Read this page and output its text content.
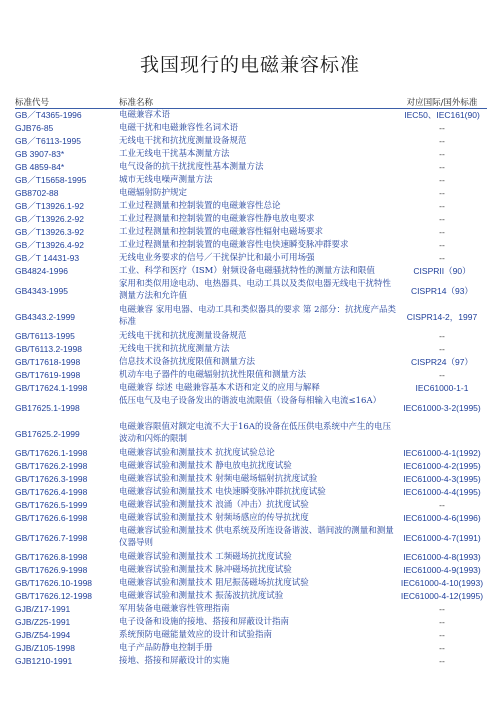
我国现行的电磁兼容标准
标准代号	标准名称	对应国际/国外标准
GB／T4365-1996	电磁兼容术语	IEC50、IEC161(90)
GJB76-85	电磁干扰和电磁兼容性名词术语	--
GB／T6113-1995	无线电干扰和抗扰度测量设备规范	--
GB 3907-83*	工业无线电干扰基本测量方法	--
GB 4859-84*	电气设备的抗干扰扰度性基本测量方法	--
GB／T15658-1995	城市无线电噪声测量方法	--
GB8702-88	电磁辐射防护规定	--
GB／T13926.1-92	工业过程测量和控制装置的电磁兼容性总论	--
GB／T13926.2-92	工业过程测量和控制装置的电磁兼容性静电放电要求	--
GB／T13926.3-92	工业过程测量和控制装置的电磁兼容性辐射电磁场要求	--
GB／T13926.4-92	工业过程测量和控制装置的电磁兼容性电快速瞬变脉冲群要求	--
GB／T 14431-93	无线电业务要求的信号／干扰保护比和最小可用场强	--
GB4824-1996	工业、科学和医疗（ISM）射频设备电磁骚扰特性的测量方法和限值	CISPRII（90）
GB4343-1995	家用和类似用途电动、电热器具、电动工具以及类似电器无线电干扰特性测量方法和允许值	CISPR14（93）
GB4343.2-1999	电磁兼容 家用电器、电动工具和类似器具的要求 第 2部分：抗扰度产品类标准	CISPR14-2，1997
GB/T6113-1995	无线电干扰和抗扰度测量设备规范	--
GB/T6113.2-1998	无线电干扰和抗扰度测量方法	--
GB/T17618-1998	信息技术设备抗扰度限值和测量方法	CISPR24（97）
GB/T17619-1998	机动车电子器件的电磁辐射抗扰性限值和测量方法	--
GB/T17624.1-1998	电磁兼容 综述 电磁兼容基本术语和定义的应用与解释	IEC61000-1-1
GB17625.1-1998	低压电气及电子设备发出的谐波电流限值（设备每相输入电流≤16A）	IEC61000-3-2(1995)
GB17625.2-1999	电磁兼容限值对额定电流不大于16A的设备在低压供电系统中产生的电压波动和闪烁的限制	
GB/T17626.1-1998	电磁兼容试验和测量技术 抗扰度试验总论	IEC61000-4-1(1992)
GB/T17626.2-1998	电磁兼容试验和测量技术 静电放电抗扰度试验	IEC61000-4-2(1995)
GB/T17626.3-1998	电磁兼容试验和测量技术 射频电磁场辐射抗扰度试验	IEC61000-4-3(1995)
GB/T17626.4-1998	电磁兼容试验和测量技术 电快速瞬变脉冲群抗扰度试验	IEC61000-4-4(1995)
GB/T17626.5-1999	电磁兼容试验和测量技术 浪涌（冲击）抗扰度试验	--
GB/T17626.6-1998	电磁兼容试验和测量技术 射频场感应的传导抗扰度	IEC61000-4-6(1996)
GB/T17626.7-1998	电磁兼容试验和测量技术 供电系统及所连设备谐波、谐间波的测量和测量仪器导则	IEC61000-4-7(1991)
GB/T17626.8-1998	电磁兼容试验和测量技术 工频磁场抗扰度试验	IEC61000-4-8(1993)
GB/T17626.9-1998	电磁兼容试验和测量技术 脉冲磁场抗扰度试验	IEC61000-4-9(1993)
GB/T17626.10-1998	电磁兼容试验和测量技术 阻尼振荡磁场抗扰度试验	IEC61000-4-10(1993)
GB/T17626.12-1998	电磁兼容试验和测量技术 振荡波抗扰度试验	IEC61000-4-12(1995)
GJB/Z17-1991	军用装备电磁兼容性管理指南	--
GJB/Z25-1991	电子设备和设施的接地、搭接和屏蔽设计指南	--
GJB/Z54-1994	系统预防电磁能量效应的设计和试验指南	--
GJB/Z105-1998	电子产品防静电控制手册	--
GJB1210-1991	接地、搭接和屏蔽设计的实施	--
